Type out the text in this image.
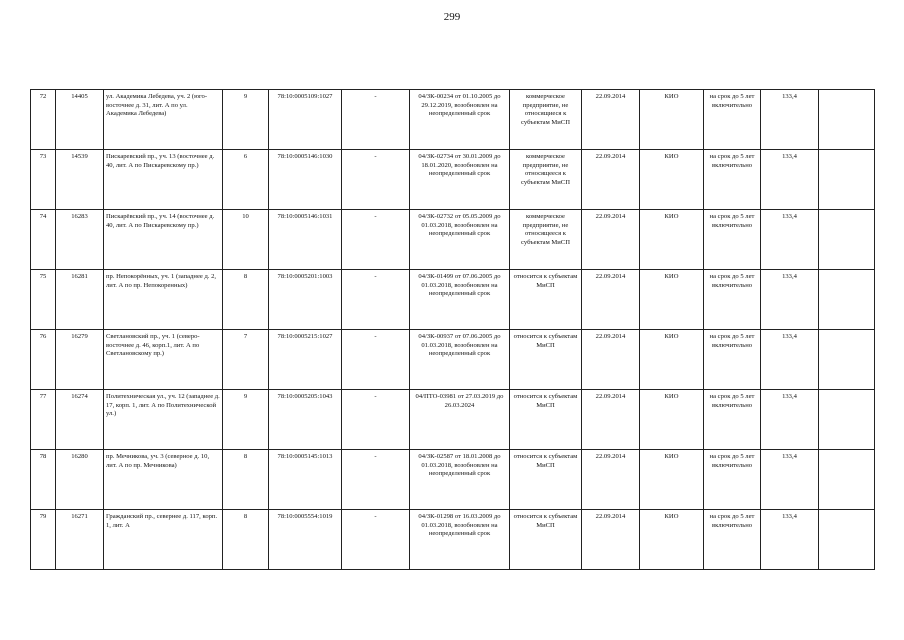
299
72	14405	ул. Академика Лебедева, уч. 2 (юго-восточнее д. 31, лит. А по ул. Академика Лебедева)	9	78:10:0005109:1027	-	04/ЗК-00234 от 01.10.2005 до 29.12.2019, возобновлен на неопределенный срок	коммерческое предприятие, не относящиеся к субъектам МиСП	22.09.2014	КИО	на срок до 5 лет включительно	133,4	
73	14539	Пискаревский пр., уч. 13 (восточнее д. 40, лит. А по Пискаревскому пр.)	6	78:10:0005146:1030	-	04/ЗК-02734 от 30.01.2009 до 18.01.2020, возобновлен на неопределенный срок	коммерческое предприятие, не относящееся к субъектам МиСП	22.09.2014	КИО	на срок до 5 лет включительно	133,4	
74	16283	Пискарёвский пр., уч. 14 (восточнее д. 40, лит. А по Пискаревскому пр.)	10	78:10:0005146:1031	-	04/ЗК-02732 от 05.05.2009 до 01.03.2018, возобновлен на неопределенный срок	коммерческое предприятие, не относящееся к субъектам МиСП	22.09.2014	КИО	на срок до 5 лет включительно	133,4	
75	16281	пр. Непокорённых, уч. 1 (западнее д. 2, лит. А по пр. Непокоренных)	8	78:10:0005201:1003	-	04/ЗК-01499 от 07.06.2005 до 01.03.2018, возобновлен на неопределенный срок	относится к субъектам МиСП	22.09.2014	КИО	на срок до 5 лет включительно	133,4	
76	16279	Светлановский пр., уч. 1 (северо-восточнее д. 46, корп.1, лит. А по Светлановскому пр.)	7	78:10:0005215:1027	-	04/ЗК-00937 от 07.06.2005 до 01.03.2018, возобновлен на неопределенный срок	относится к субъектам МиСП	22.09.2014	КИО	на срок до 5 лет включительно	133,4	
77	16274	Политехническая ул., уч. 12 (западнее д. 17, корп. 1, лит. А по Политехнической ул.)	9	78:10:0005205:1043	-	04/ПТО-03981 от 27.03.2019 до 26.03.2024	относится к субъектам МиСП	22.09.2014	КИО	на срок до 5 лет включительно	133,4	
78	16280	пр. Мечникова, уч. 3 (северное д. 10, лит. А по пр. Мечникова)	8	78:10:0005145:1013	-	04/ЗК-02587 от 18.01.2008 до 01.03.2018, возобновлен на неопределенный срок	относится к субъектам МиСП	22.09.2014	КИО	на срок до 5 лет включительно	133,4	
79	16271	Гражданский пр., севернее д. 117, корп. 1, лит. А	8	78:10:0005554:1019	-	04/ЗК-01298 от 16.03.2009 до 01.03.2018, возобновлен на неопределенный срок	относится к субъектам МиСП	22.09.2014	КИО	на срок до 5 лет включительно	133,4	
